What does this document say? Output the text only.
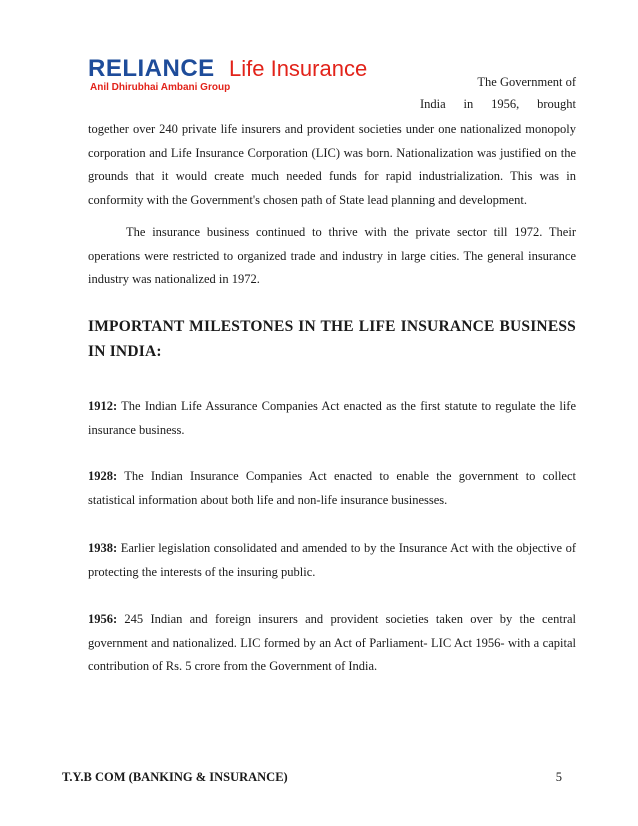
RELIANCE Life Insurance
Anil Dhirubhai Ambani Group	The Government of
India in 1956, brought

together over 240 private life insurers and provident societies under one nationalized monopoly corporation and Life Insurance Corporation (LIC) was born. Nationalization was justified on the grounds that it would create much needed funds for rapid industrialization. This was in conformity with the Government's chosen path of State lead planning and development.

The insurance business continued to thrive with the private sector till 1972. Their operations were restricted to organized trade and industry in large cities. The general insurance industry was nationalized in 1972.

IMPORTANT MILESTONES IN THE LIFE INSURANCE BUSINESS IN INDIA:

1912: The Indian Life Assurance Companies Act enacted as the first statute to regulate the life insurance business.

1928: The Indian Insurance Companies Act enacted to enable the government to collect statistical information about both life and non-life insurance businesses.

1938: Earlier legislation consolidated and amended to by the Insurance Act with the objective of protecting the interests of the insuring public.

1956: 245 Indian and foreign insurers and provident societies taken over by the central government and nationalized. LIC formed by an Act of Parliament- LIC Act 1956- with a capital contribution of Rs. 5 crore from the Government of India.

T.Y.B COM (BANKING & INSURANCE)	5
